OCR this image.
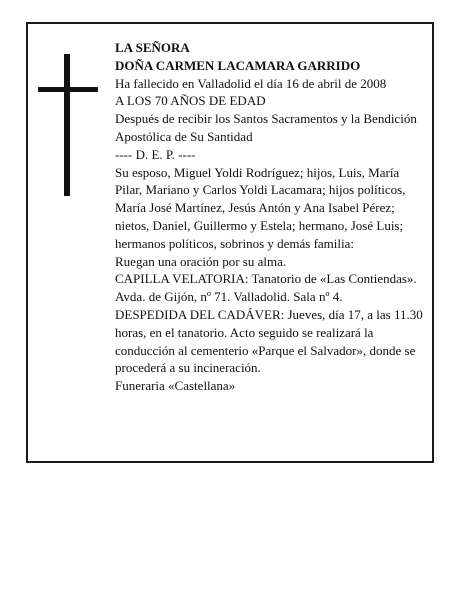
LA SEÑORA
DOÑA CARMEN LACAMARA GARRIDO
Ha fallecido en Valladolid el día 16 de abril de 2008
A LOS 70 AÑOS DE EDAD
Después de recibir los Santos Sacramentos y la Bendición Apostólica de Su Santidad
---- D. E. P. ----
Su esposo, Miguel Yoldi Rodríguez; hijos, Luis, María Pilar, Mariano y Carlos Yoldi Lacamara; hijos políticos, María José Martínez, Jesús Antón y Ana Isabel Pérez; nietos, Daniel, Guillermo y Estela; hermano, José Luis; hermanos políticos, sobrinos y demás familia:
Ruegan una oración por su alma.
CAPILLA VELATORIA: Tanatorio de «Las Contiendas». Avda. de Gijón, nº 71. Valladolid. Sala nº 4.
DESPEDIDA DEL CADÁVER: Jueves, día 17, a las 11.30 horas, en el tanatorio. Acto seguido se realizará la conducción al cementerio «Parque el Salvador», donde se procederá a su incineración.
Funeraria «Castellana»
